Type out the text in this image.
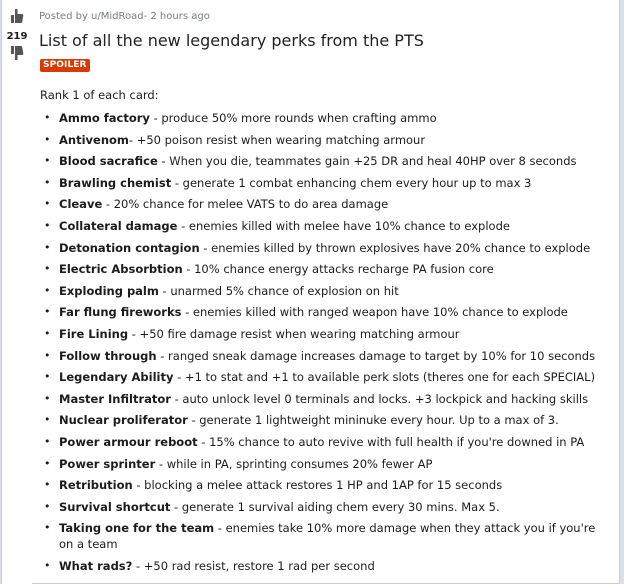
219
Posted by u/MidRoad- 2 hours ago
List of all the new legendary perks from the PTS
SPOILER

Rank 1 of each card:

• Ammo factory - produce 50% more rounds when crafting ammo
• Antivenom- +50 poison resist when wearing matching armour
• Blood sacrafice - When you die, teammates gain +25 DR and heal 40HP over 8 seconds
• Brawling chemist - generate 1 combat enhancing chem every hour up to max 3
• Cleave - 20% chance for melee VATS to do area damage
• Collateral damage - enemies killed with melee have 10% chance to explode
• Detonation contagion - enemies killed by thrown explosives have 20% chance to explode
• Electric Absorbtion - 10% chance energy attacks recharge PA fusion core
• Exploding palm - unarmed 5% chance of explosion on hit
• Far flung fireworks - enemies killed with ranged weapon have 10% chance to explode
• Fire Lining - +50 fire damage resist when wearing matching armour
• Follow through - ranged sneak damage increases damage to target by 10% for 10 seconds
• Legendary Ability - +1 to stat and +1 to available perk slots (theres one for each SPECIAL)
• Master Infiltrator - auto unlock level 0 terminals and locks. +3 lockpick and hacking skills
• Nuclear proliferator - generate 1 lightweight mininuke every hour. Up to a max of 3.
• Power armour reboot - 15% chance to auto revive with full health if you're downed in PA
• Power sprinter - while in PA, sprinting consumes 20% fewer AP
• Retribution - blocking a melee attack restores 1 HP and 1AP for 15 seconds
• Survival shortcut - generate 1 survival aiding chem every 30 mins. Max 5.
• Taking one for the team - enemies take 10% more damage when they attack you if you're on a team
• What rads? - +50 rad resist, restore 1 rad per second
